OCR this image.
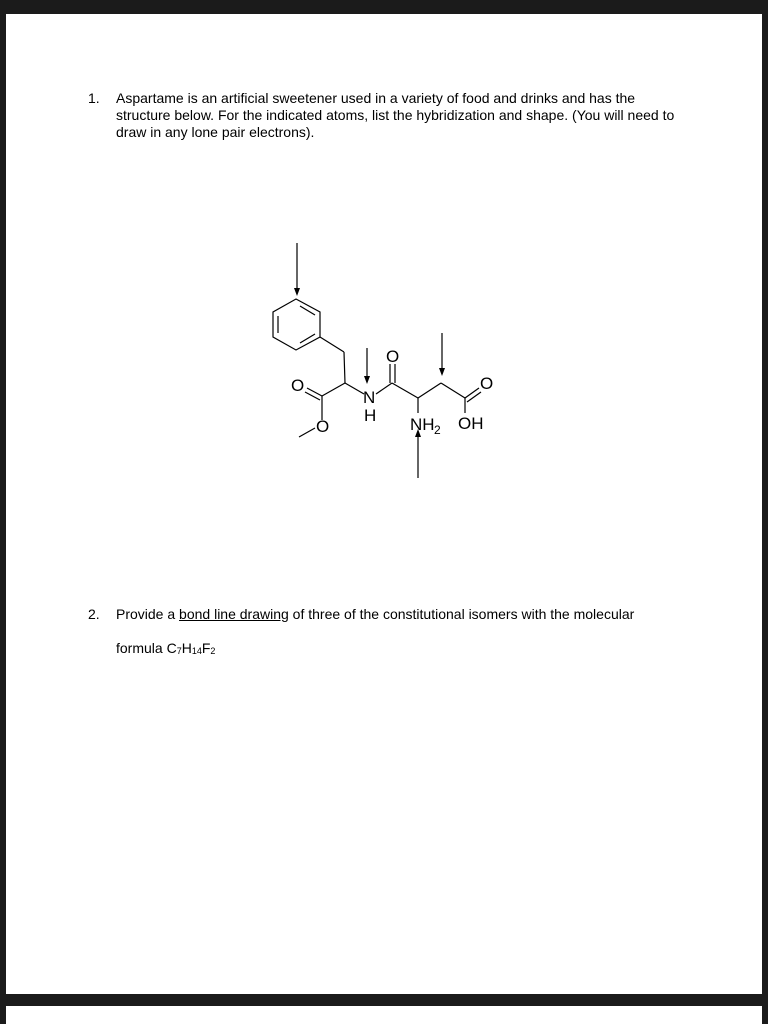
1.	Aspartame is an artificial sweetener used in a variety of food and drinks and has the structure below. For the indicated atoms, list the hybridization and shape. (You will need to draw in any lone pair electrons).
O
O
N
H
O
NH 2 OH
O
2.	Provide a bond line drawing of three of the constitutional isomers with the molecular
formula C7H14F2
